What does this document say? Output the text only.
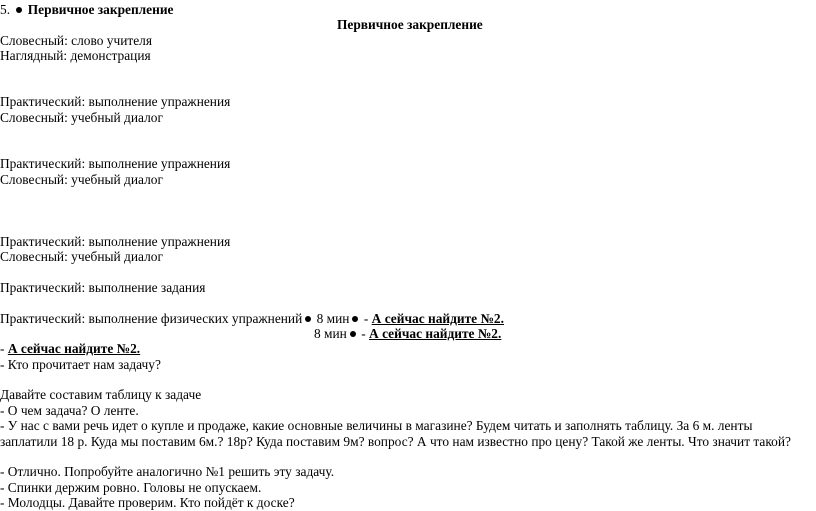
5. Первичное закрепление
Первичное закрепление
Словесный: слово учителя
Наглядный: демонстрация
Практический: выполнение упражнения
Словесный: учебный диалог
Практический: выполнение упражнения
Словесный: учебный диалог
Практический: выполнение упражнения
Словесный: учебный диалог
Практический: выполнение задания
Практический: выполнение физических упражнений 8 мин - А сейчас найдите №2.
8 мин - А сейчас найдите №2.
- А сейчас найдите №2.
- Кто прочитает нам задачу?
Давайте составим таблицу к задаче
- О чем задача? О ленте.
- У нас с вами речь идет о купле и продаже, какие основные величины в магазине? Будем читать и заполнять таблицу. За 6 м. ленты
заплатили 18 р. Куда мы поставим 6м.? 18р? Куда поставим 9м? вопрос? А что нам известно про цену? Такой же ленты. Что значит такой?
- Отлично. Попробуйте аналогично №1 решить эту задачу.
- Спинки держим ровно. Головы не опускаем.
- Молодцы. Давайте проверим. Кто пойдёт к доске?
